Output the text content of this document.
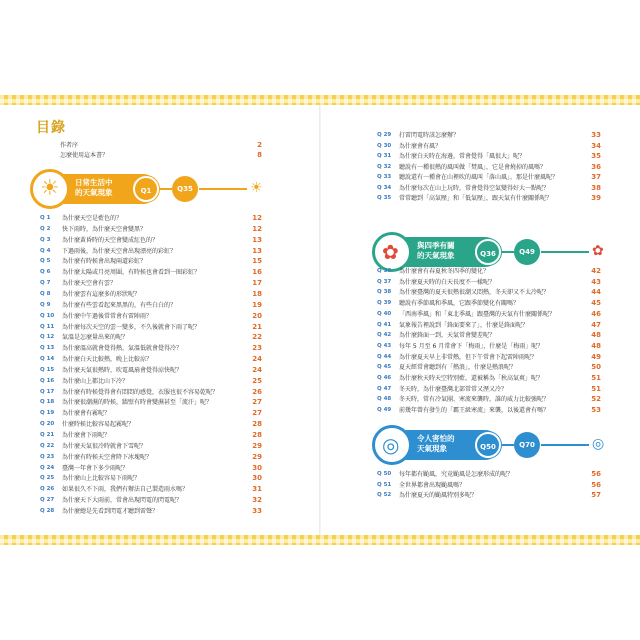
目錄
作者序	2
怎麼使用這本書？	8
☀ 日常生活中
的天氣現象	Q1	Q35	☀
Q 1	為什麼天空是藍色的？	12
Q 2	快下雨時，為什麼天空會變黑？	12
Q 3	為什麼黃昏時的天空會變成紅色的？	13
Q 4	下過雨後，為什麼天空會出現漂亮的彩虹？	13
Q 5	為什麼有時候會出現兩道彩虹？	15
Q 6	為什麼太陽或月亮周圍，有時候也會看到一圈彩虹？	16
Q 7	為什麼天空會有雲？	17
Q 8	為什麼雲有這麼多的形狀呢？	18
Q 9	為什麼有些雲看起來黑黑的，有些白白的？	19
Q 10	為什麼中午過後常常會有雷陣雨？	20
Q 11	為什麼每次天空的雲一變多，不久後就會下雨了呢？	21
Q 12	氣溫是怎麼量出來的呢？	22
Q 13	為什麼溫高就會覺得熱，氣溫低就會覺得冷？	23
Q 14	為什麼白天比較熱，晚上比較涼？	24
Q 15	為什麼天氣很熱時，吹電風扇會覺得涼快呢？	24
Q 16	為什麼山上都比山下冷？	25
Q 17	為什麼有時候覺得會有悶悶的感覺，衣服也很不容易乾呢？	26
Q 18	為什麼很潮濕的時候，牆壁有時會變濕甚至「流汗」呢？	27
Q 19	為什麼會有霧呢？	27
Q 20	什麼時候比較容易起霧呢？	28
Q 21	為什麼會下雨呢？	28
Q 22	為什麼天氣很冷時就會下雪呢？	29
Q 23	為什麼有時候天空會降下冰塊呢？	29
Q 24	臺灣一年會下多少雨呢？	30
Q 25	為什麼山上比較容易下雨呢？	30
Q 26	如果很久不下雨，我們有辦法自己製造雨水嗎？	31
Q 27	為什麼天下大雨前，常會出現閃電的閃電呢？	32
Q 28	為什麼總是先看到閃電才聽到雷聲？	33
Q 29	打雷閃電時該怎麼辦？	33
Q 30	為什麼會有風？	34
Q 31	為什麼白天時在海邊，常會覺得「風很大」呢？	35
Q 32	聽說有一種很熱的風叫做「焚風」，它是會燒掉的風嗎？	36
Q 33	聽說還有一種會在山裡吹的風叫「落山風」，那是什麼風呢？	37
Q 34	為什麼每次在山上玩時，常會覺得空氣變得好大一點呢？	38
Q 35	常常聽到「高氣壓」和「低氣壓」，跟天氣有什麼關係呢？	39
✿ 與四季有關
的天氣現象	Q36	Q49	✿
Q 36	為什麼會有春夏秋冬四季的變化？	42
Q 37	為什麼夏天時的白天長度不一樣呢？	43
Q 38	為什麼臺灣的夏天很熱很潮又悶熱，冬天卻又不太冷呢？	44
Q 39	聽說有季節風和季風，它跟季節變化有關嗎？	45
Q 40	「西南季風」和「東北季風」跟臺灣的天氣有什麼關係呢？	46
Q 41	氣象報告裡說到「鋒面要來了」，什麼是鋒面呢？	47
Q 42	為什麼鋒面一到，天氣常會變差呢？	48
Q 43	每年 5 月至 6 月常會下「梅雨」，什麼是「梅雨」呢？	48
Q 44	為什麼夏天早上非常熱，但下午常會下起雷陣雨呢？	49
Q 45	夏天經常會聽到有「熱浪」，什麼是熱浪呢？	50
Q 46	為什麼秋天時天空特別藍，還被稱為「秋高氣爽」呢？	51
Q 47	冬天時，為什麼臺灣北部常常又溼又冷？	51
Q 48	冬天時，常有冷氣團、寒流來襲時，誰的威力比較強呢？	52
Q 49	前幾年曾有發生的「霸王級寒流」來襲，以後還會有嗎？	53
◎ 令人害怕的
天氣現象	Q50	Q70	◎
Q 50	每年都有颱風，究竟颱風是怎麼形成的呢？	56
Q 51	全世界都會出現颱風嗎？	56
Q 52	為什麼夏天的颱風特別多呢？	57
